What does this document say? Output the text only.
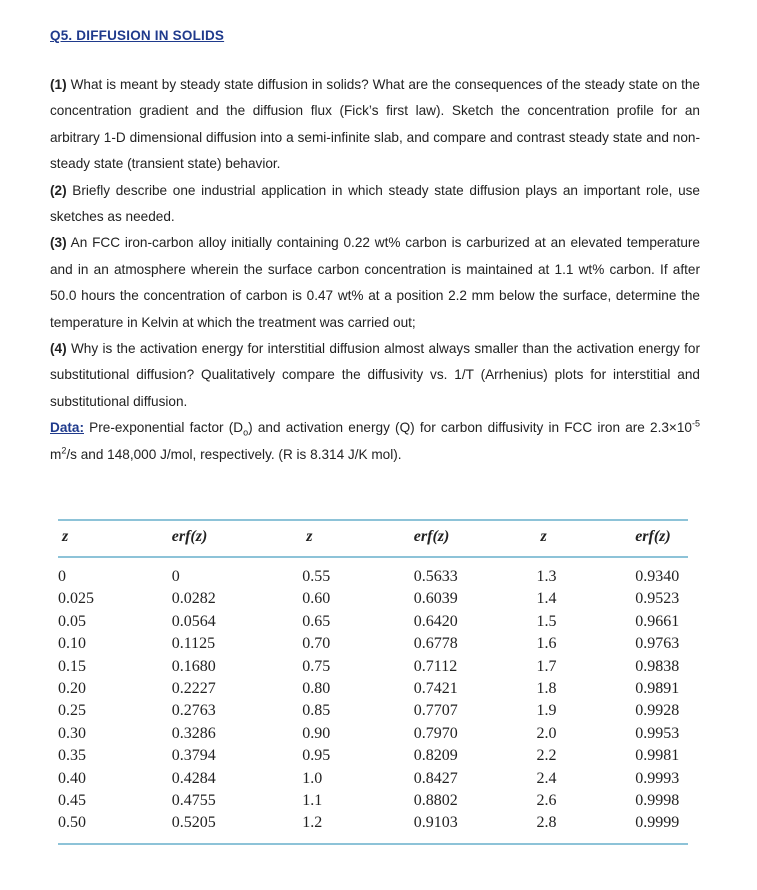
Q5. DIFFUSION IN SOLIDS

(1) What is meant by steady state diffusion in solids? What are the consequences of the steady state on the concentration gradient and the diffusion flux (Fick’s first law). Sketch the concentration profile for an arbitrary 1-D dimensional diffusion into a semi-infinite slab, and compare and contrast steady state and non-steady state (transient state) behavior.

(2) Briefly describe one industrial application in which steady state diffusion plays an important role, use sketches as needed.

(3) An FCC iron-carbon alloy initially containing 0.22 wt% carbon is carburized at an elevated temperature and in an atmosphere wherein the surface carbon concentration is maintained at 1.1 wt% carbon. If after 50.0 hours the concentration of carbon is 0.47 wt% at a position 2.2 mm below the surface, determine the temperature in Kelvin at which the treatment was carried out;

(4) Why is the activation energy for interstitial diffusion almost always smaller than the activation energy for substitutional diffusion? Qualitatively compare the diffusivity vs. 1/T (Arrhenius) plots for interstitial and substitutional diffusion.

Data: Pre-exponential factor $(D_o)$ and activation energy (Q) for carbon diffusivity in FCC iron are $2.3\times 10^{-5}$ $m^2/s$ and 148,000 J/mol, respectively. (R is 8.314 J/K mol).

z	erf(z)	z	erf(z)	z	erf(z)
0	0	0.55	0.5633	1.3	0.9340
0.025	0.0282	0.60	0.6039	1.4	0.9523
0.05	0.0564	0.65	0.6420	1.5	0.9661
0.10	0.1125	0.70	0.6778	1.6	0.9763
0.15	0.1680	0.75	0.7112	1.7	0.9838
0.20	0.2227	0.80	0.7421	1.8	0.9891
0.25	0.2763	0.85	0.7707	1.9	0.9928
0.30	0.3286	0.90	0.7970	2.0	0.9953
0.35	0.3794	0.95	0.8209	2.2	0.9981
0.40	0.4284	1.0	0.8427	2.4	0.9993
0.45	0.4755	1.1	0.8802	2.6	0.9998
0.50	0.5205	1.2	0.9103	2.8	0.9999
